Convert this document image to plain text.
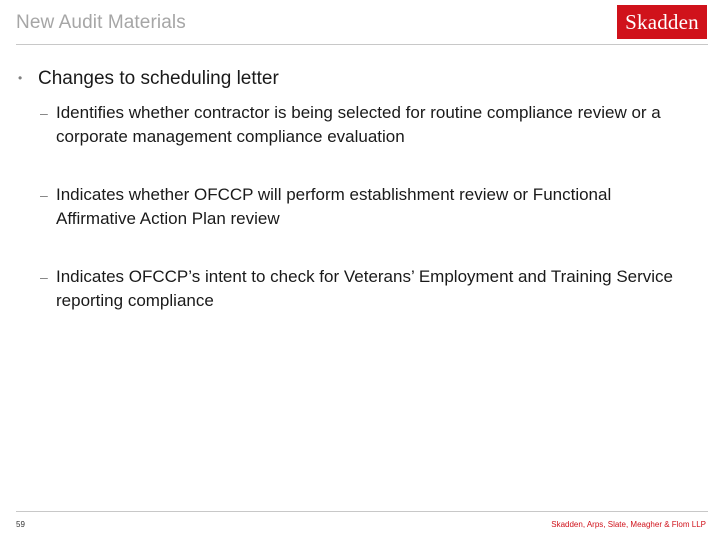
New Audit Materials	Skadden
• Changes to scheduling letter
– Identifies whether contractor is being selected for routine compliance review or a corporate management compliance evaluation
– Indicates whether OFCCP will perform establishment review or Functional Affirmative Action Plan review
– Indicates OFCCP’s intent to check for Veterans’ Employment and Training Service reporting compliance
59	Skadden, Arps, Slate, Meagher & Flom LLP
